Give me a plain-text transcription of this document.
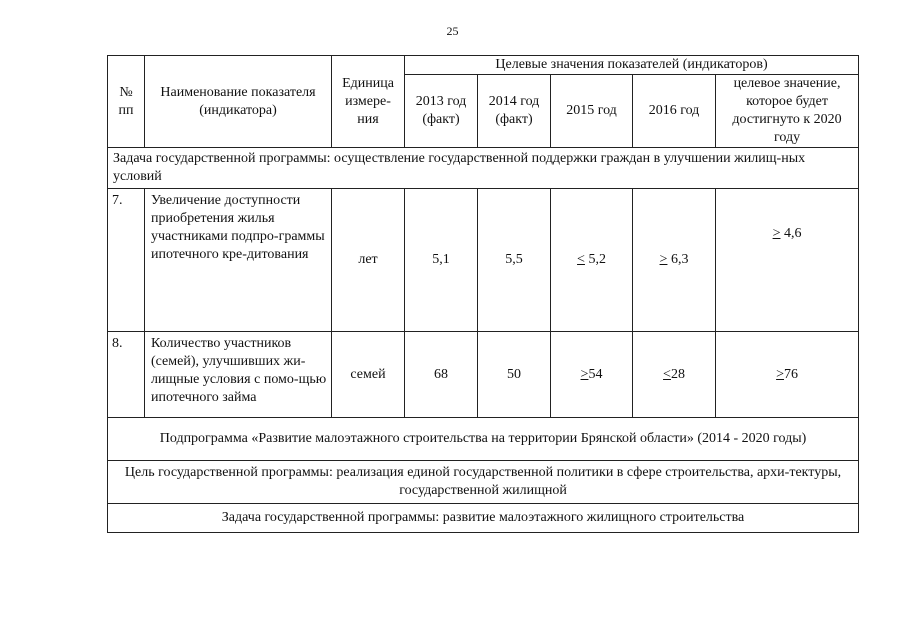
25
№ пп	Наименование показателя (индикатора)	Единица измере-ния	Целевые значения показателей (индикаторов)				
			2013 год (факт)	2014 год (факт)	2015 год	2016 год	целевое значение, которое будет достигнуто к 2020 году
Задача государственной программы: осуществление государственной поддержки граждан в улучшении жилищ-ных условий							
7.	Увеличение доступности приобретения жилья участниками подпро-граммы ипотечного кре-дитования	лет	5,1	5,5	< 5,2	> 6,3	> 4,6
8.	Количество участников (семей), улучшивших жи-лищные условия с помо-щью ипотечного займа	семей	68	50	>54	<28	>76
Подпрограмма «Развитие малоэтажного строительства на территории Брянской области» (2014 - 2020 годы)							
Цель государственной программы: реализация единой государственной политики в сфере строительства, архи-тектуры, государственной жилищной							
Задача государственной программы: развитие малоэтажного жилищного строительства							
